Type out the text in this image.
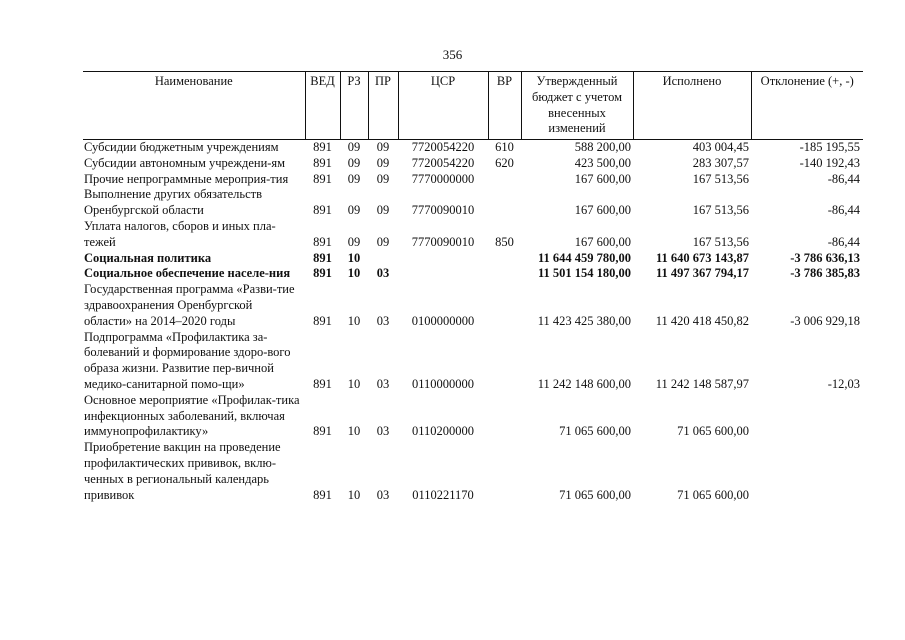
356
Наименование	ВЕД	РЗ	ПР	ЦСР	ВР	Утвержденный бюджет с учетом внесенных изменений	Исполнено	Отклонение (+, -)
Субсидии бюджетным учреждениям	891	09	09	7720054220	610	588 200,00	403 004,45	-185 195,55
Субсидии автономным учреждени-ям	891	09	09	7720054220	620	423 500,00	283 307,57	-140 192,43
Прочие непрограммные мероприя-тия	891	09	09	7770000000		167 600,00	167 513,56	-86,44
Выполнение других обязательств Оренбургской области	891	09	09	7770090010		167 600,00	167 513,56	-86,44
Уплата налогов, сборов и иных пла-тежей	891	09	09	7770090010	850	167 600,00	167 513,56	-86,44
Социальная политика	891	10				11 644 459 780,00	11 640 673 143,87	-3 786 636,13
Социальное обеспечение населе-ния	891	10	03			11 501 154 180,00	11 497 367 794,17	-3 786 385,83
Государственная программа «Разви-тие здравоохранения Оренбургской области» на 2014–2020 годы	891	10	03	0100000000		11 423 425 380,00	11 420 418 450,82	-3 006 929,18
Подпрограмма «Профилактика за-болеваний и формирование здоро-вого образа жизни. Развитие пер-вичной медико-санитарной помо-щи»	891	10	03	0110000000		11 242 148 600,00	11 242 148 587,97	-12,03
Основное мероприятие «Профилак-тика инфекционных заболеваний, включая иммунопрофилактику»	891	10	03	0110200000		71 065 600,00	71 065 600,00	
Приобретение вакцин на проведение профилактических прививок, вклю-ченных в региональный календарь прививок	891	10	03	0110221170		71 065 600,00	71 065 600,00	
